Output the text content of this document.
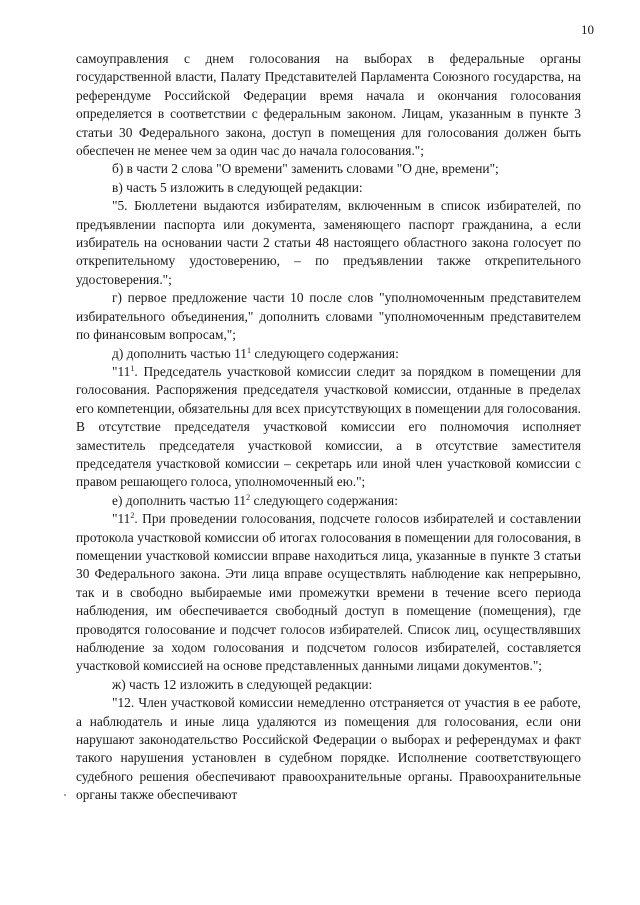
10

самоуправления с днем голосования на выборах в федеральные органы государственной власти, Палату Представителей Парламента Союзного государства, на референдуме Российской Федерации время начала и окончания голосования определяется в соответствии с федеральным законом. Лицам, указанным в пункте 3 статьи 30 Федерального закона, доступ в помещения для голосования должен быть обеспечен не менее чем за один час до начала голосования.";

б) в части 2 слова "О времени" заменить словами "О дне, времени";

в) часть 5 изложить в следующей редакции:

"5. Бюллетени выдаются избирателям, включенным в список избирателей, по предъявлении паспорта или документа, заменяющего паспорт гражданина, а если избиратель на основании части 2 статьи 48 настоящего областного закона голосует по открепительному удостоверению, – по предъявлении также открепительного удостоверения.";

г) первое предложение части 10 после слов "уполномоченным представителем избирательного объединения," дополнить словами "уполномоченным представителем по финансовым вопросам,";

д) дополнить частью $11^1$ следующего содержания:

"$11^1$. Председатель участковой комиссии следит за порядком в помещении для голосования. Распоряжения председателя участковой комиссии, отданные в пределах его компетенции, обязательны для всех присутствующих в помещении для голосования. В отсутствие председателя участковой комиссии его полномочия исполняет заместитель председателя участковой комиссии, а в отсутствие заместителя председателя участковой комиссии – секретарь или иной член участковой комиссии с правом решающего голоса, уполномоченный ею.";

е) дополнить частью $11^2$ следующего содержания:

"$11^2$. При проведении голосования, подсчете голосов избирателей и составлении протокола участковой комиссии об итогах голосования в помещении для голосования, в помещении участковой комиссии вправе находиться лица, указанные в пункте 3 статьи 30 Федерального закона. Эти лица вправе осуществлять наблюдение как непрерывно, так и в свободно выбираемые ими промежутки времени в течение всего периода наблюдения, им обеспечивается свободный доступ в помещение (помещения), где проводятся голосование и подсчет голосов избирателей. Список лиц, осуществлявших наблюдение за ходом голосования и подсчетом голосов избирателей, составляется участковой комиссией на основе представленных данными лицами документов.";

ж) часть 12 изложить в следующей редакции:

"12. Член участковой комиссии немедленно отстраняется от участия в ее работе, а наблюдатель и иные лица удаляются из помещения для голосования, если они нарушают законодательство Российской Федерации о выборах и референдумах и факт такого нарушения установлен в судебном порядке. Исполнение соответствующего судебного решения обеспечивают правоохранительные органы. Правоохранительные органы также обеспечивают
